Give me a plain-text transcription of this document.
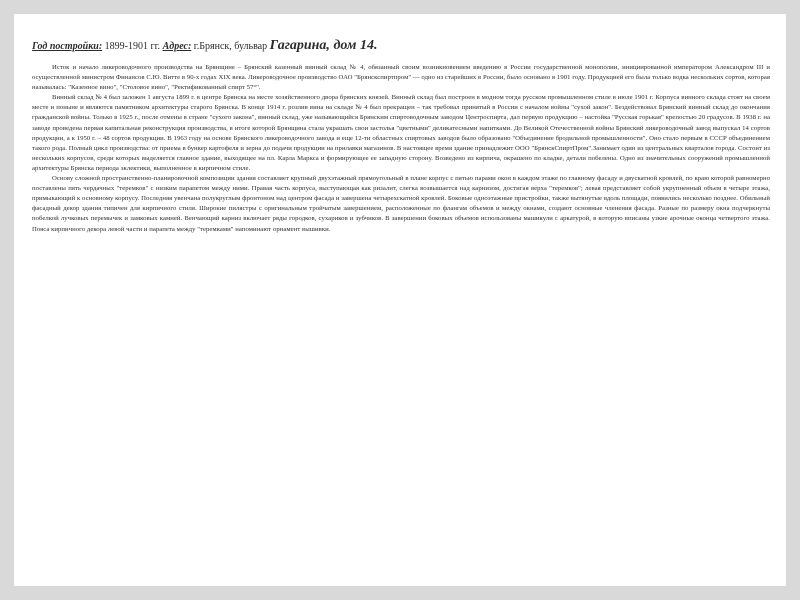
Год постройки: 1899-1901 гг. Адрес: г.Брянск, бульвар Гагарина, дом 14.

Исток и начало ликероводочного производства на Брянщине – Брянский казенный винный склад № 4, обязанный своим возникновением введению в России государственной монополии, инициированной императором Александром III и осуществленной министром Финансов С.Ю. Витте в 90-х годах XIX века. Ликероводочное производство ОАО "Брянскспиртпром" — одно из старейших в России, было основано в 1901 году. Продукцией его была только водка нескольких сортов, которая называлась: "Казенное вино", "Столовое вино", "Ректификованный спирт 57°".

Винный склад № 4 был заложен 1 августа 1899 г. в центре Брянска на месте хозяйственного двора брянских князей. Винный склад был построен в модном тогда русском промышленном стиле в июле 1901 г. Корпуса винного склада стоят на своем месте и поныне и являются памятником архитектуры старого Брянска. В конце 1914 г. розлив вина на складе № 4 был прекращен – так требовал принятый в России с началом войны "сухой закон". Бездействовал Брянский винный склад до окончания гражданской войны. Только в 1925 г., после отмены в стране "сухого закона", винный склад, уже называющийся Брянским спиртоводочным заводом Центроспирта, дал первую продукцию – настойка "Русская горькая" крепостью 20 градусов. В 1938 г. на заводе проведена первая капитальная реконструкция производства, в итоге которой Брянщина стала украшать свои застолья "цветными" деликатесными напитками. До Великой Отечественной войны Брянский ликероводочный завод выпускал 14 сортов продукции, а к 1950 г. – 48 сортов продукции. В 1963 году на основе Брянского ликероводочного завода и еще 12-ти областных спиртовых заводов было образовано "Объединение бродильной промышленности". Оно стало первым в СССР объединением такого рода. Полный цикл производства: от приема в бункер картофеля и зерна до подачи продукции на прилавки магазинов. В настоящее время здание принадлежит ООО "БрянскСпиртПром".Занимает один из центральных кварталов города. Состоит из нескольких корпусов, среди которых выделяется главное здание, выходящее на пл. Карла Маркса и формирующее ее западную сторону. Возведено из кирпича, окрашено по кладке, детали побелены. Одно из значительных сооружений промышленной архитектуры Брянска периода эклектики, выполненное в кирпичном стиле.

Основу сложной пространственно-планировочной композиции здания составляет крупный двухэтажный прямоугольный в плане корпус с пятью парами окон в каждом этаже по главному фасаду и двускатной кровлей, по краю которой равномерно поставлены пять чердачных "теремков" с низким парапетом между ними. Правая часть корпуса, выступающая как ризалит, слегка возвышается над карнизом, достигая верха "теремков"; левая представляет собой укрупненный объем в четыре этажа, примыкающий к основному корпусу. Последняя увенчана полукруглым фронтоном над центром фасада и завершена четырехскатной кровлей. Боковые одноэтажные пристройки, также вытянутые вдоль площади, появились несколько позднее. Обильный фасадный декор здания типичен для кирпичного стиля. Широкие пилястры с оригинальным тройчатым завершением, расположенные по флангам объемов и между окнами, создают основные членения фасада. Разные по размеру окна подчеркнуты побелкой лучковых перемычек и замковых камней. Венчающий карниз включает ряды городков, сухариков и зубчиков. В завершении боковых объемов использованы машикули с аркатурой, в которую вписаны узкие арочные оконца четвертого этажа. Пояса кирпичного декора левой части и парапета между "теремками" напоминают орнамент вышивки.
